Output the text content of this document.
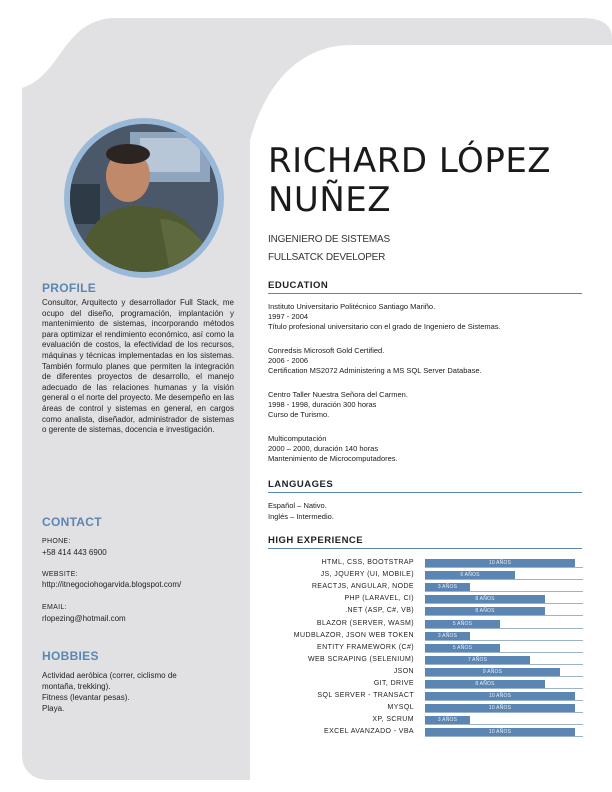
PROFILE
Consultor, Arquitecto y desarrollador Full Stack, me ocupo del diseño, programación, implantación y mantenimiento de sistemas, incorporando métodos para optimizar el rendimiento económico, así como la evaluación de costos, la efectividad de los recursos, máquinas y técnicas implementadas en los sistemas. También formulo planes que permiten la integración de diferentes proyectos de desarrollo, el manejo adecuado de las relaciones humanas y la visión general o el norte del proyecto. Me desempeño en las áreas de control y sistemas en general, en cargos como analista, diseñador, administrador de sistemas o gerente de sistemas, docencia e investigación.
CONTACT
PHONE:
+58 414 443 6900
WEBSITE:
http://itnegociohogarvida.blogspot.com/
EMAIL:
rlopezing@hotmail.com
HOBBIES
Actividad aeróbica (correr, ciclismo de
montaña, trekking).
Fitness (levantar pesas).
Playa.
RICHARD LÓPEZ
NUÑEZ
INGENIERO DE SISTEMAS
FULLSATCK DEVELOPER
EDUCATION
Instituto Universitario Politécnico Santiago Mariño.
1997 - 2004
Título profesional universitario con el grado de Ingeniero de Sistemas.
Conredsis Microsoft Gold Certified.
2006 - 2006
Certification MS2072 Administering a MS SQL Server Database.
Centro Taller Nuestra Señora del Carmen.
1998 - 1998, duración 300 horas
Curso de Turismo.
Multicomputación
2000 – 2000, duración 140 horas
Mantenimiento de Microcomputadores.
LANGUAGES
Español – Nativo.
Inglés – Intermedio.
HIGH EXPERIENCE
HTML, CSS, BOOTSTRAP	10 AÑOS
JS, JQUERY (UI, MOBILE)	6 AÑOS
REACTJS, ANGULAR, NODE	3 AÑOS
PHP (LARAVEL, CI)	8 AÑOS
.NET (ASP, C#, VB)	8 AÑOS
BLAZOR (SERVER, WASM)	5 AÑOS
MUDBLAZOR, JSON WEB TOKEN	3 AÑOS
ENTITY FRAMEWORK (C#)	5 AÑOS
WEB SCRAPING (SELENIUM)	7 AÑOS
JSON	9 AÑOS
GIT, DRIVE	8 AÑOS
SQL SERVER - TRANSACT	10 AÑOS
MYSQL	10 AÑOS
XP, SCRUM	3 AÑOS
EXCEL AVANZADO - VBA	10 AÑOS
